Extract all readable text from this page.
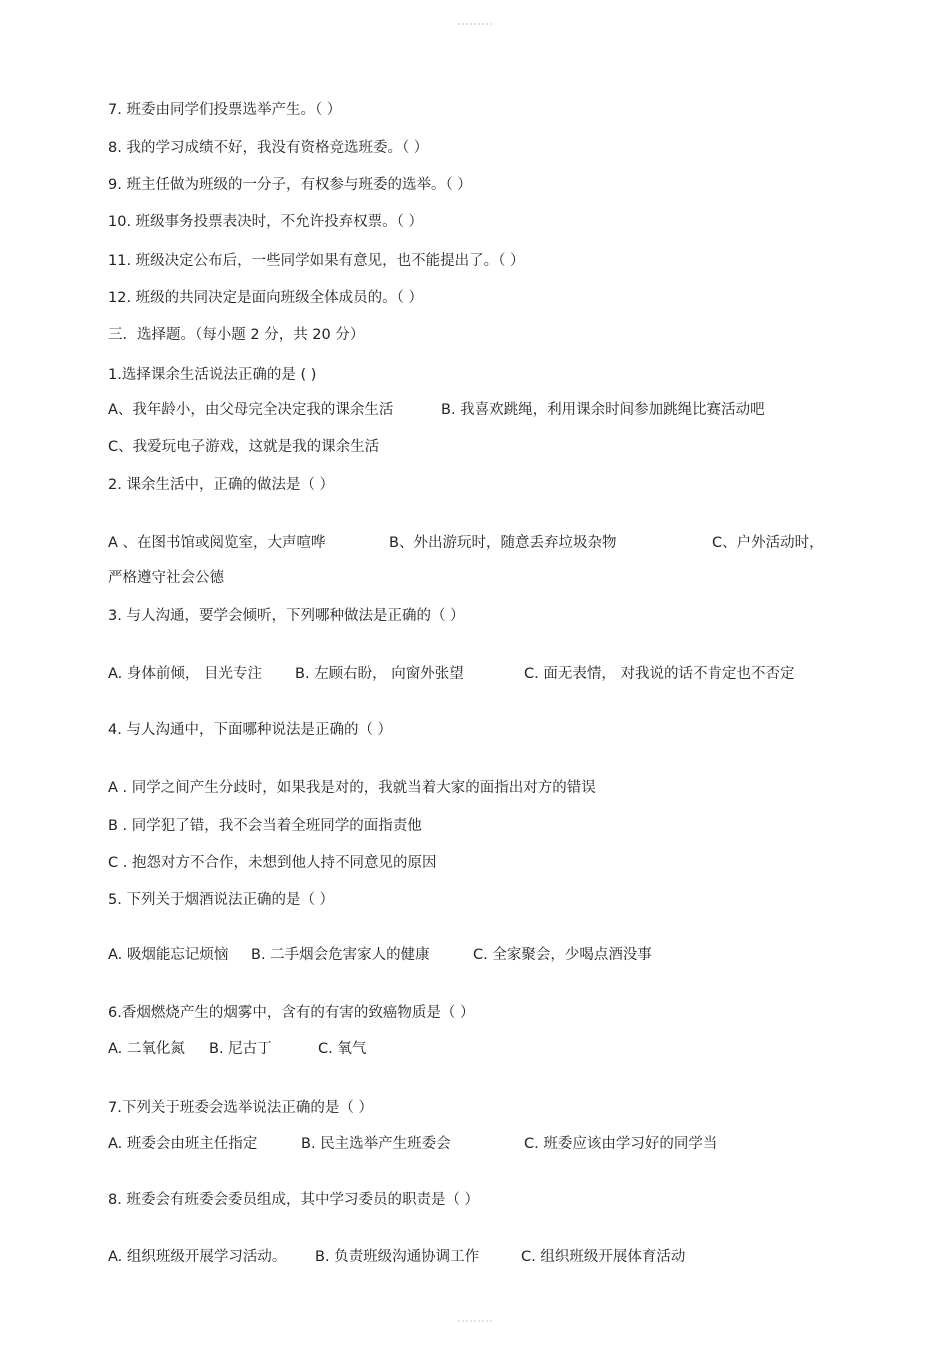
7. 班委由同学们投票选举产生。（ ）
8. 我的学习成绩不好，我没有资格竞选班委。（ ）
9. 班主任做为班级的一分子，有权参与班委的选举。（ ）
10. 班级事务投票表决时，不允许投弃权票。（ ）
11. 班级决定公布后，一些同学如果有意见，也不能提出了。（ ）
12. 班级的共同决定是面向班级全体成员的。（ ）
三．选择题。（每小题 2 分，共 20 分）
1.选择课余生活说法正确的是 ( )
A、我年龄小，由父母完全决定我的课余生活	B. 我喜欢跳绳，利用课余时间参加跳绳比赛活动吧
C、我爱玩电子游戏，这就是我的课余生活
2. 课余生活中，正确的做法是（ ）
A 、在图书馆或阅览室，大声喧哗	B、外出游玩时，随意丢弃垃圾杂物	C、户外活动时，
严格遵守社会公德
3. 与人沟通，要学会倾听，下列哪种做法是正确的（ ）
A. 身体前倾， 目光专注 B. 左顾右盼， 向窗外张望	C. 面无表情， 对我说的话不肯定也不否定
4. 与人沟通中，下面哪种说法是正确的（ ）
A . 同学之间产生分歧时，如果我是对的，我就当着大家的面指出对方的错误
B . 同学犯了错，我不会当着全班同学的面指责他
C . 抱怨对方不合作，未想到他人持不同意见的原因
5. 下列关于烟酒说法正确的是（ ）
A. 吸烟能忘记烦恼 B. 二手烟会危害家人的健康	C. 全家聚会，少喝点酒没事
6.香烟燃烧产生的烟雾中，含有的有害的致癌物质是（ ）
A. 二氧化氮 B. 尼古丁	C. 氧气
7.下列关于班委会选举说法正确的是（ ）
A. 班委会由班主任指定	B. 民主选举产生班委会	C. 班委应该由学习好的同学当
8. 班委会有班委会委员组成，其中学习委员的职责是（ ）
A. 组织班级开展学习活动。 B. 负责班级沟通协调工作	C. 组织班级开展体育活动
